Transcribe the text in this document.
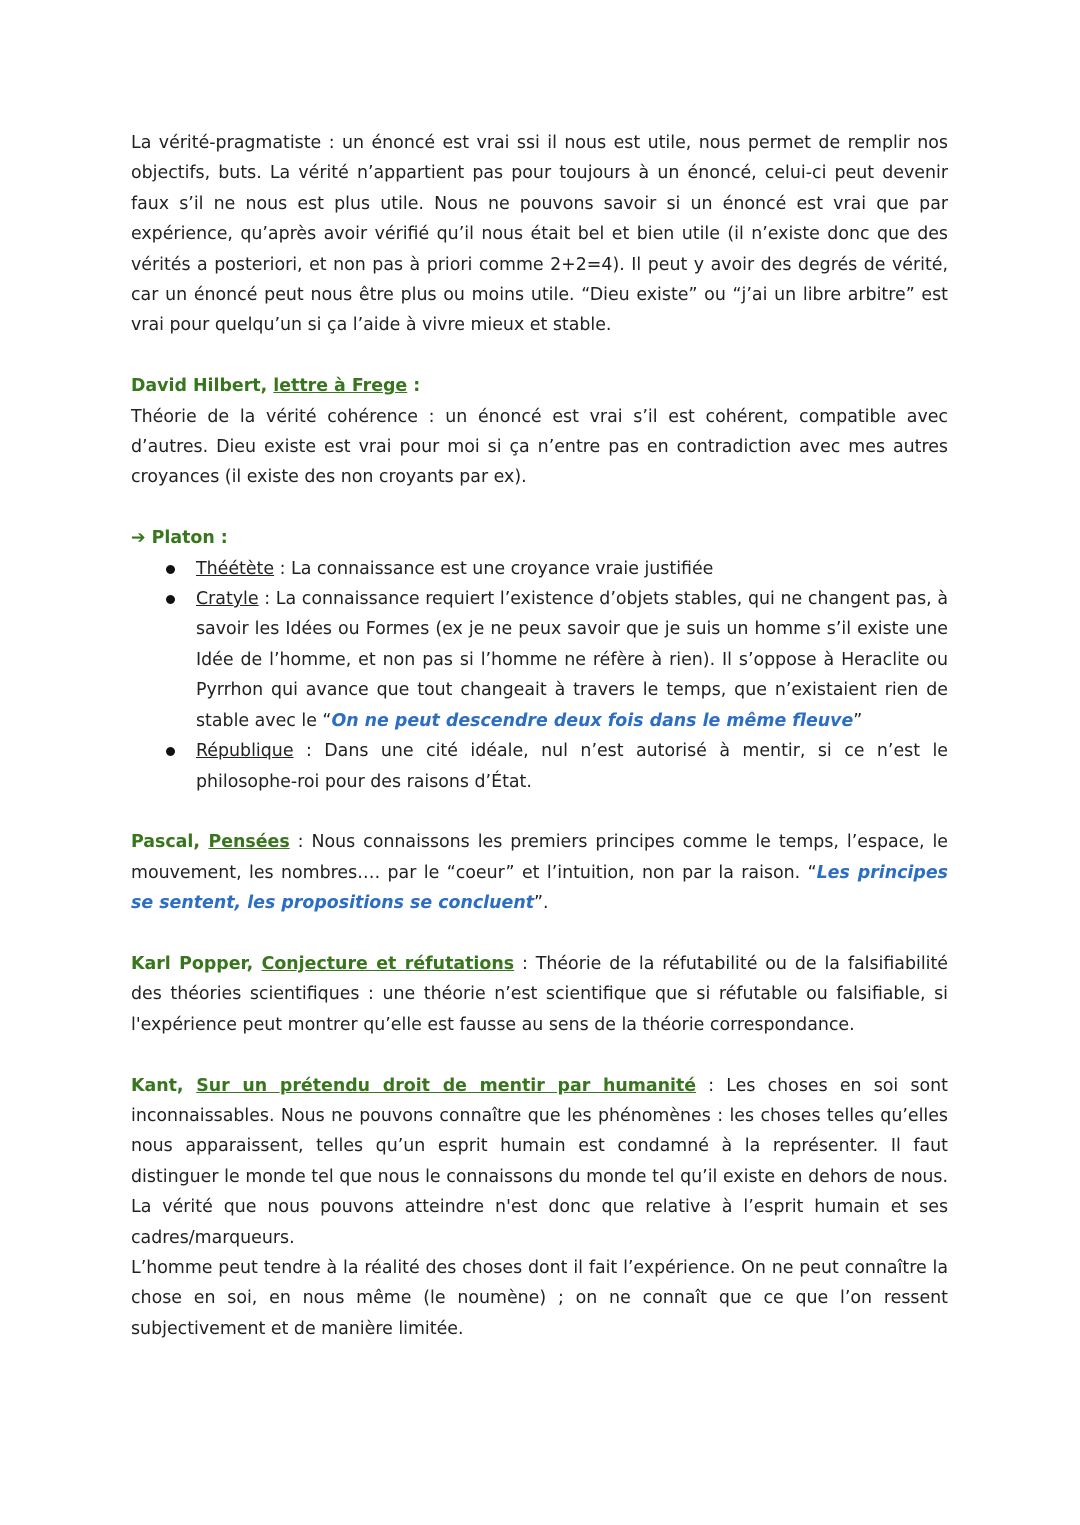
La vérité-pragmatiste : un énoncé est vrai ssi il nous est utile, nous permet de remplir nos objectifs, buts. La vérité n’appartient pas pour toujours à un énoncé, celui-ci peut devenir faux s’il ne nous est plus utile. Nous ne pouvons savoir si un énoncé est vrai que par expérience, qu’après avoir vérifié qu’il nous était bel et bien utile (il n’existe donc que des vérités a posteriori, et non pas à priori comme 2+2=4). Il peut y avoir des degrés de vérité, car un énoncé peut nous être plus ou moins utile. “Dieu existe” ou “j’ai un libre arbitre” est vrai pour quelqu’un si ça l’aide à vivre mieux et stable.

David Hilbert, lettre à Frege :

Théorie de la vérité cohérence : un énoncé est vrai s’il est cohérent, compatible avec d’autres. Dieu existe est vrai pour moi si ça n’entre pas en contradiction avec mes autres croyances (il existe des non croyants par ex).

➔ Platon :

Théétète : La connaissance est une croyance vraie justifiée
Cratyle : La connaissance requiert l’existence d’objets stables, qui ne changent pas, à savoir les Idées ou Formes (ex je ne peux savoir que je suis un homme s’il existe une Idée de l’homme, et non pas si l’homme ne réfère à rien). Il s’oppose à Heraclite ou Pyrrhon qui avance que tout changeait à travers le temps, que n’existaient rien de stable avec le “On ne peut descendre deux fois dans le même fleuve”
République : Dans une cité idéale, nul n’est autorisé à mentir, si ce n’est le philosophe-roi pour des raisons d’État.

Pascal, Pensées : Nous connaissons les premiers principes comme le temps, l’espace, le mouvement, les nombres…. par le “coeur” et l’intuition, non par la raison. “Les principes se sentent, les propositions se concluent”.

Karl Popper, Conjecture et réfutations : Théorie de la réfutabilité ou de la falsifiabilité des théories scientifiques : une théorie n’est scientifique que si réfutable ou falsifiable, si l'expérience peut montrer qu’elle est fausse au sens de la théorie correspondance.

Kant, Sur un prétendu droit de mentir par humanité : Les choses en soi sont inconnaissables. Nous ne pouvons connaître que les phénomènes : les choses telles qu’elles nous apparaissent, telles qu’un esprit humain est condamné à la représenter. Il faut distinguer le monde tel que nous le connaissons du monde tel qu’il existe en dehors de nous. La vérité que nous pouvons atteindre n'est donc que relative à l’esprit humain et ses cadres/marqueurs.

L’homme peut tendre à la réalité des choses dont il fait l’expérience. On ne peut connaître la chose en soi, en nous même (le noumène) ; on ne connaît que ce que l’on ressent subjectivement et de manière limitée.
